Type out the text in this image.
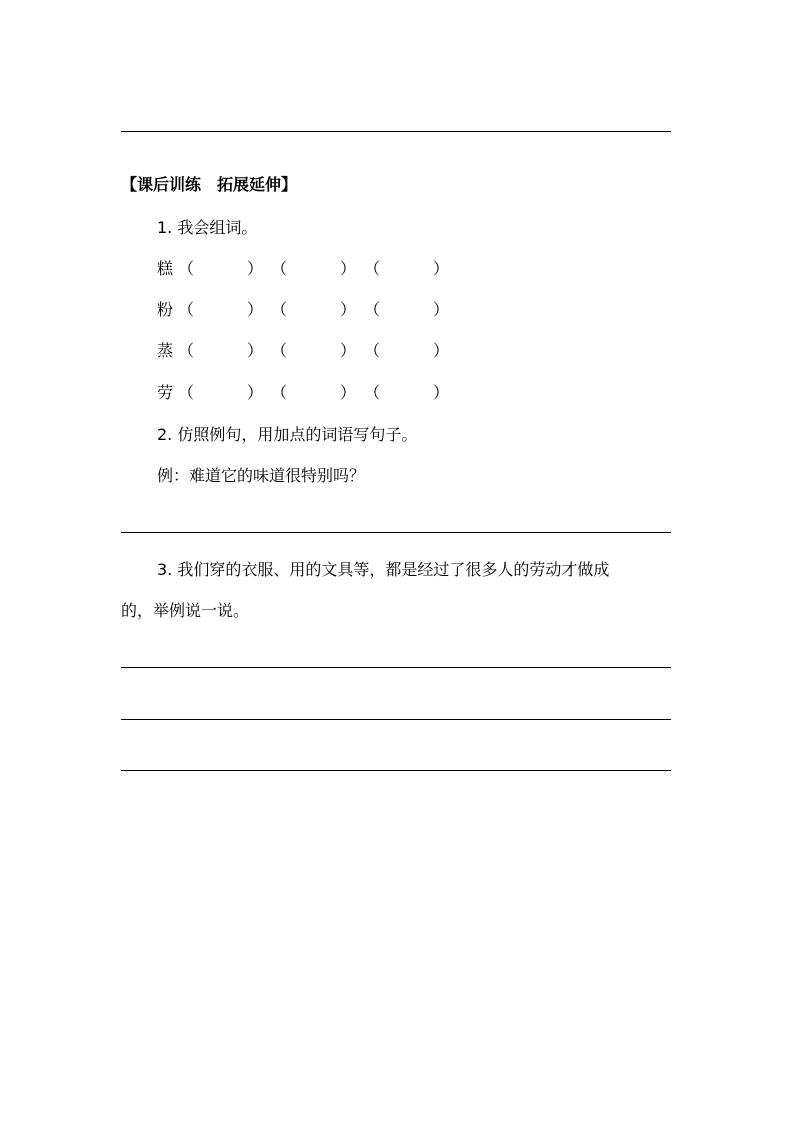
【课后训练　拓展延伸】
1. 我会组词。
糕 （	） （	） （	）
粉 （	） （	） （	）
蒸 （	） （	） （	）
劳 （	） （	） （	）
2. 仿照例句，用加点的词语写句子。
例：难道它的味道很特别吗？
3. 我们穿的衣服、用的文具等，都是经过了很多人的劳动才做成
的，举例说一说。
